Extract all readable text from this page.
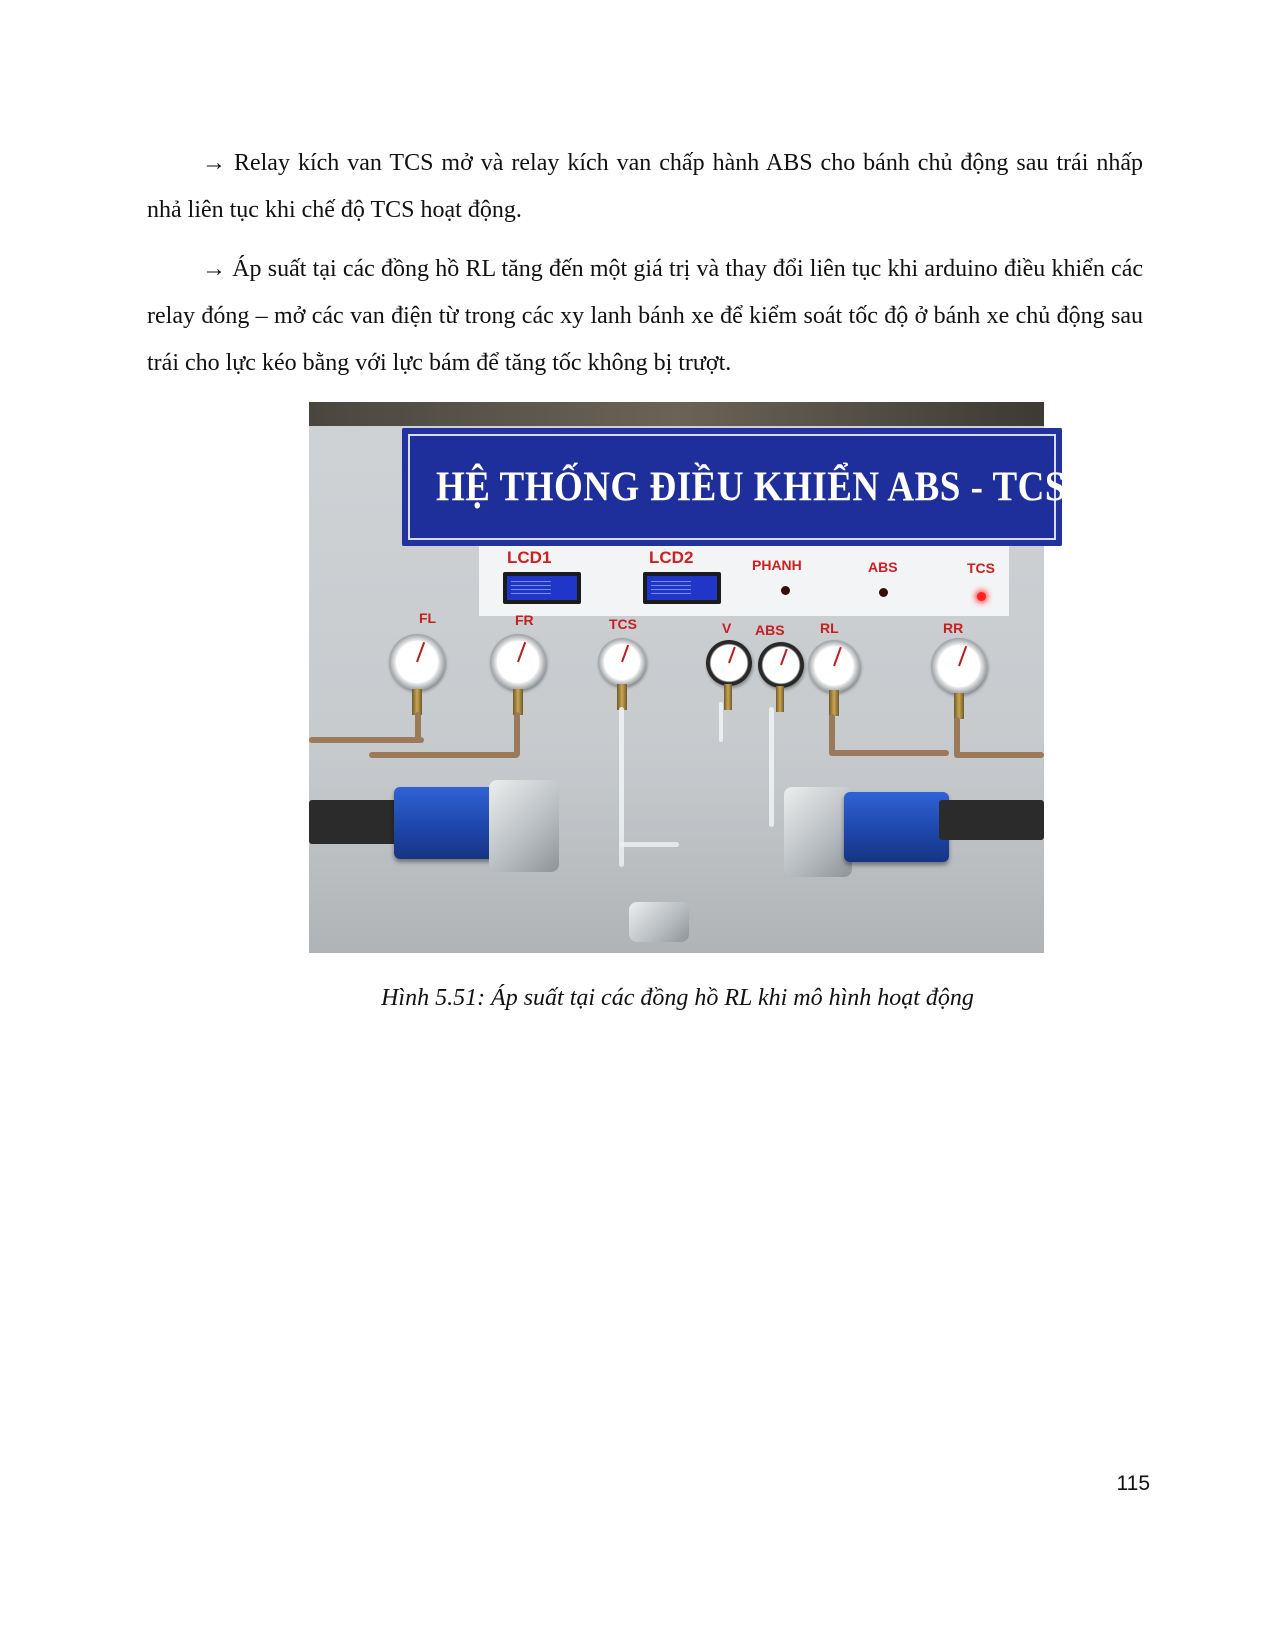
→ Relay kích van TCS mở và relay kích van chấp hành ABS cho bánh chủ động sau trái nhấp nhả liên tục khi chế độ TCS hoạt động.

→ Áp suất tại các đồng hồ RL tăng đến một giá trị và thay đổi liên tục khi arduino điều khiển các relay đóng – mở các van điện từ trong các xy lanh bánh xe để kiểm soát tốc độ ở bánh xe chủ động sau trái cho lực kéo bằng với lực bám để tăng tốc không bị trượt.

HỆ THỐNG ĐIỀU KHIỂN ABS - TCS TRÊN PH
LCD1	LCD2	PHANH	ABS	TCS
FL	FR	TCS	V ABS	RL	RR
Hình 5.51: Áp suất tại các đồng hồ RL khi mô hình hoạt động
115
